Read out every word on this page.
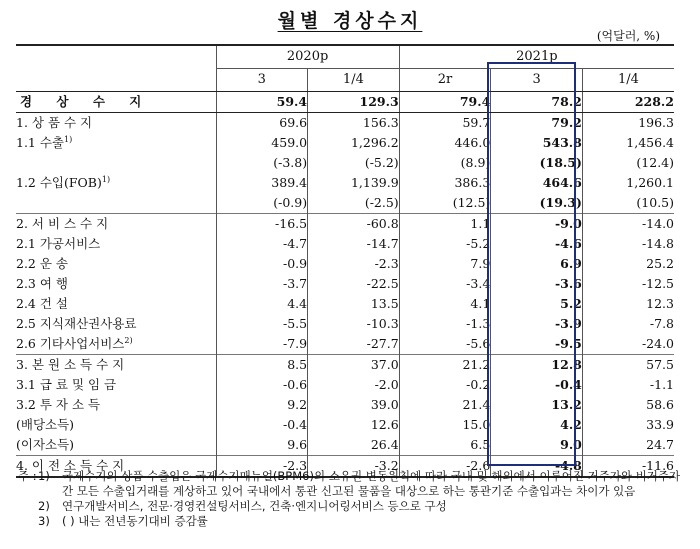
월별 경상수지
(억달러, %)
	2020p		2021p		
	3	1/4	2r	3	1/4
경 상 수 지	59.4	129.3	79.4	78.2	228.2
1. 상 품 수 지	69.6	156.3	59.7	79.2	196.3
1.1 수출$^{1)}$	459.0	1,296.2	446.0	543.8	1,456.4
	(-3.8)	(-5.2)	(8.9)	(18.5)	(12.4)
1.2 수입(FOB)$^{1)}$	389.4	1,139.9	386.3	464.6	1,260.1
	(-0.9)	(-2.5)	(12.5)	(19.3)	(10.5)
2. 서 비 스 수 지	-16.5	-60.8	1.1	-9.0	-14.0
2.1 가공서비스	-4.7	-14.7	-5.2	-4.6	-14.8
2.2 운 송	-0.9	-2.3	7.9	6.9	25.2
2.3 여 행	-3.7	-22.5	-3.4	-3.6	-12.5
2.4 건 설	4.4	13.5	4.1	5.2	12.3
2.5 지식재산권사용료	-5.5	-10.3	-1.3	-3.9	-7.8
2.6 기타사업서비스$^{2)}$	-7.9	-27.7	-5.6	-9.5	-24.0
3. 본 원 소 득 수 지	8.5	37.0	21.2	12.8	57.5
3.1 급 료 및 임 금	-0.6	-2.0	-0.2	-0.4	-1.1
3.2 투 자 소 득	9.2	39.0	21.4	13.2	58.6
(배당소득)	-0.4	12.6	15.0	4.2	33.9
(이자소득)	9.6	26.4	6.5	9.0	24.7
4. 이 전 소 득 수 지	-2.3	-3.2	-2.6	-4.8	-11.6
주 : 1)	국제수지의 상품 수출입은 국제수지매뉴얼(BPM6)의 소유권 변동원칙에 따라 국내 및 해외에서 이루어진 거주자와 비거주자 간 모든 수출입거래를 계상하고 있어 국내에서 통관 신고된 물품을 대상으로 하는 통관기준 수출입과는 차이가 있음
2)	연구개발서비스, 전문·경영컨설팅서비스, 건축·엔지니어링서비스 등으로 구성
3)	( ) 내는 전년동기대비 증감률
